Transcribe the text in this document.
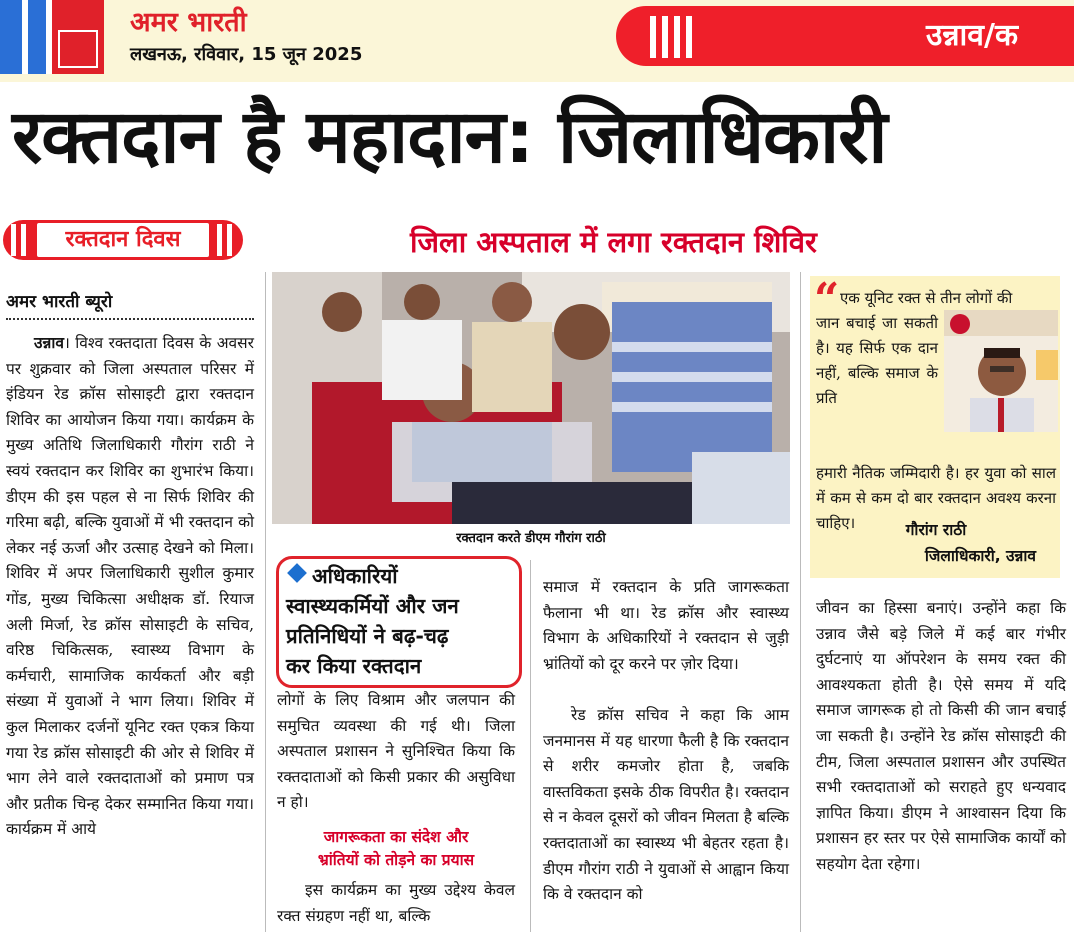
अमर भारती
लखनऊ, रविवार, 15 जून 2025
उन्नाव/क
रक्तदान है महादान: जिलाधिकारी
रक्तदान दिवस	जिला अस्पताल में लगा रक्तदान शिविर
अमर भारती ब्यूरो

उन्नाव। विश्व रक्तदाता दिवस के अवसर पर शुक्रवार को जिला अस्पताल परिसर में इंडियन रेड क्रॉस सोसाइटी द्वारा रक्तदान शिविर का आयोजन किया गया। कार्यक्रम के मुख्य अतिथि जिलाधिकारी गौरांग राठी ने स्वयं रक्तदान कर शिविर का शुभारंभ किया। डीएम की इस पहल से ना सिर्फ शिविर की गरिमा बढ़ी, बल्कि युवाओं में भी रक्तदान को लेकर नई ऊर्जा और उत्साह देखने को मिला। शिविर में अपर जिलाधिकारी सुशील कुमार गोंड, मुख्य चिकित्सा अधीक्षक डॉ. रियाज अली मिर्जा, रेड क्रॉस सोसाइटी के सचिव, वरिष्ठ चिकित्सक, स्वास्थ्य विभाग के कर्मचारी, सामाजिक कार्यकर्ता और बड़ी संख्या में युवाओं ने भाग लिया। शिविर में कुल मिलाकर दर्जनों यूनिट रक्त एकत्र किया गया रेड क्रॉस सोसाइटी की ओर से शिविर में भाग लेने वाले रक्तदाताओं को प्रमाण पत्र और प्रतीक चिन्ह देकर सम्मानित किया गया। कार्यक्रम में आये

रक्तदान करते डीएम गौरांग राठी
अधिकारियों
स्वास्थ्यकर्मियों और जन
प्रतिनिधियों ने बढ़-चढ़
कर किया रक्तदान

लोगों के लिए विश्राम और जलपान की समुचित व्यवस्था की गई थी। जिला अस्पताल प्रशासन ने सुनिश्चित किया कि रक्तदाताओं को किसी प्रकार की असुविधा न हो।

जागरूकता का संदेश और
भ्रांतियों को तोड़ने का प्रयास

इस कार्यक्रम का मुख्य उद्देश्य केवल रक्त संग्रहण नहीं था, बल्कि

समाज में रक्तदान के प्रति जागरूकता फैलाना भी था। रेड क्रॉस और स्वास्थ्य विभाग के अधिकारियों ने रक्तदान से जुड़ी भ्रांतियों को दूर करने पर ज़ोर दिया।

रेड क्रॉस सचिव ने कहा कि आम जनमानस में यह धारणा फैली है कि रक्तदान से शरीर कमजोर होता है, जबकि वास्तविकता इसके ठीक विपरीत है। रक्तदान से न केवल दूसरों को जीवन मिलता है बल्कि रक्तदाताओं का स्वास्थ्य भी बेहतर रहता है। डीएम गौरांग राठी ने युवाओं से आह्वान किया कि वे रक्तदान को

“ एक यूनिट रक्त से तीन लोगों की
जान बचाई जा सकती है। यह सिर्फ एक दान नहीं, बल्कि समाज के प्रति
हमारी नैतिक जम्मिदारी है। हर युवा को साल में कम से कम दो बार रक्तदान अवश्य करना चाहिए।	गौरांग राठी
जिलाधिकारी, उन्नाव

जीवन का हिस्सा बनाएं। उन्होंने कहा कि उन्नाव जैसे बड़े जिले में कई बार गंभीर दुर्घटनाएं या ऑपरेशन के समय रक्त की आवश्यकता होती है। ऐसे समय में यदि समाज जागरूक हो तो किसी की जान बचाई जा सकती है। उन्होंने रेड क्रॉस सोसाइटी की टीम, जिला अस्पताल प्रशासन और उपस्थित सभी रक्तदाताओं को सराहते हुए धन्यवाद ज्ञापित किया। डीएम ने आश्वासन दिया कि प्रशासन हर स्तर पर ऐसे सामाजिक कार्यों को सहयोग देता रहेगा।
